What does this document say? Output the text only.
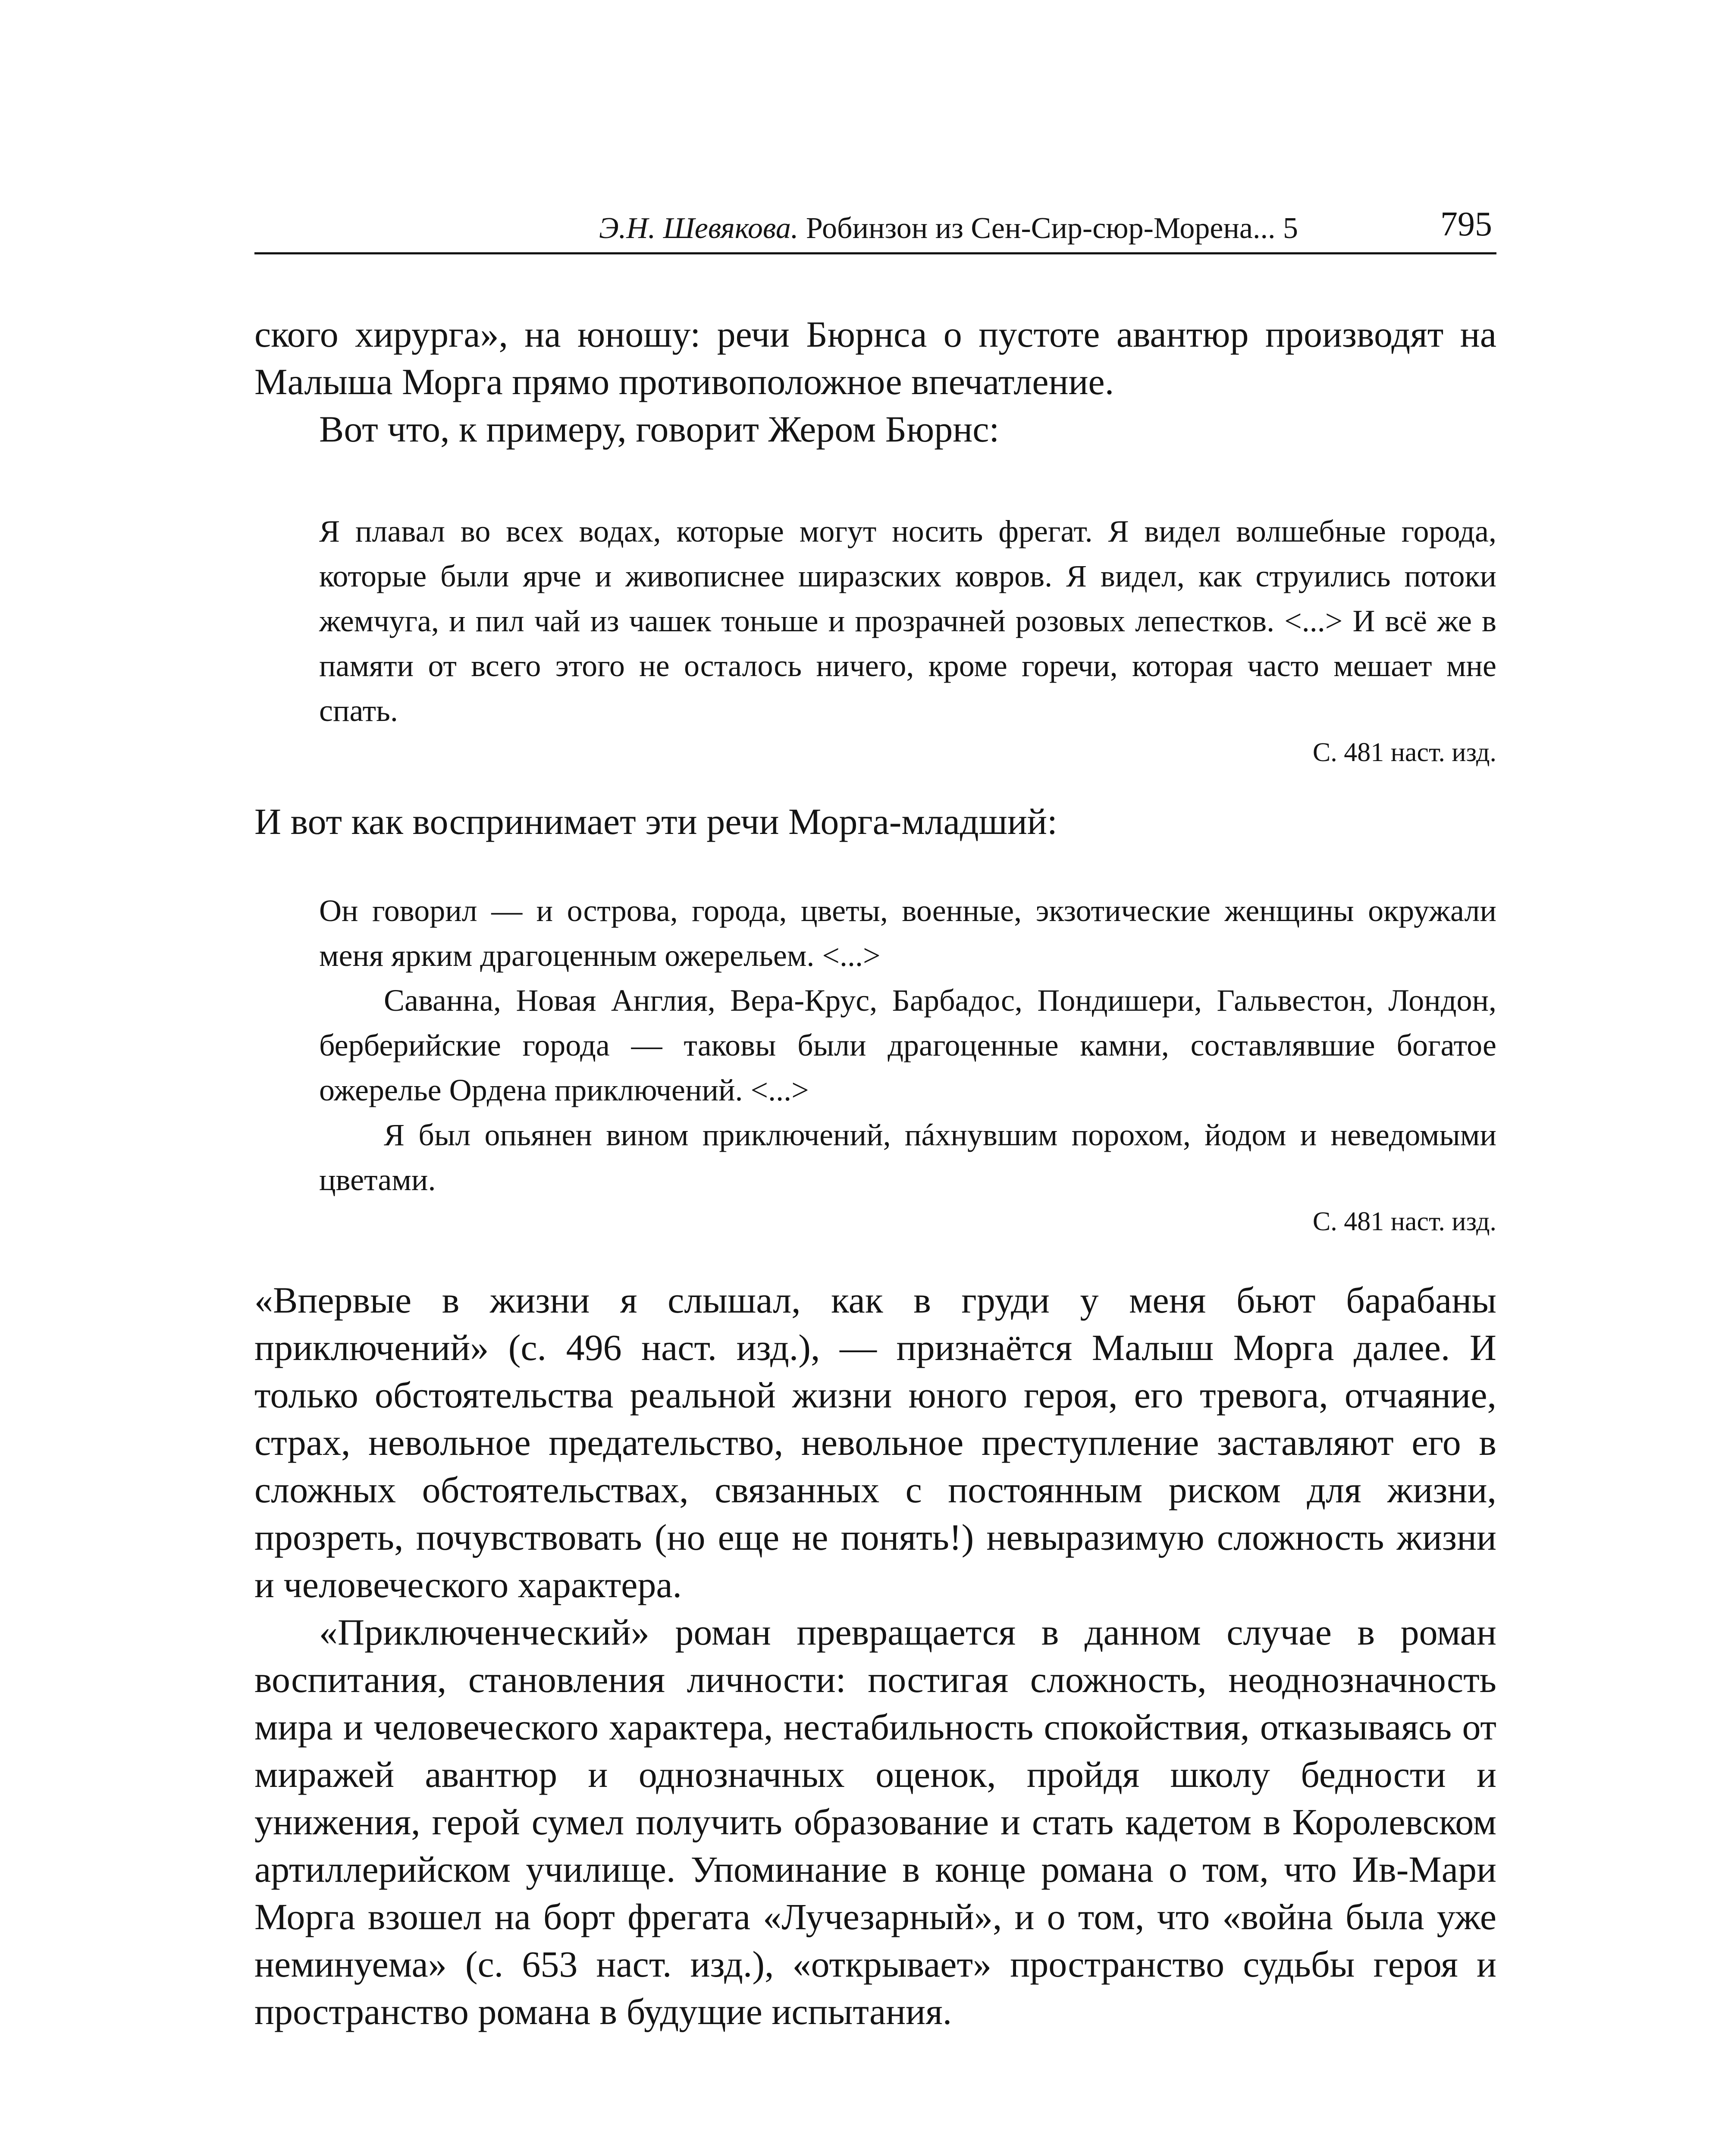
Э.Н. Шевякова. Робинзон из Сен-Сир-сюр-Морена... 5	795

ского хирурга», на юношу: речи Бюрнса о пустоте авантюр производят на Малыша Морга прямо противоположное впечатление.

Вот что, к примеру, говорит Жером Бюрнс:

Я плавал во всех водах, которые могут носить фрегат. Я видел волшебные города, которые были ярче и живописнее ширазских ковров. Я видел, как струились потоки жемчуга, и пил чай из чашек тоньше и прозрачней розовых лепестков. <...> И всё же в памяти от всего этого не осталось ничего, кроме горечи, которая часто мешает мне спать.

С. 481 наст. изд.

И вот как воспринимает эти речи Морга-младший:

Он говорил — и острова, города, цветы, военные, экзотические женщины окружали меня ярким драгоценным ожерельем. <...>

Саванна, Новая Англия, Вера-Крус, Барбадос, Пондишери, Гальвестон, Лондон, берберийские города — таковы были драгоценные камни, составлявшие богатое ожерелье Ордена приключений. <...>

Я был опьянен вином приключений, пáхнувшим порохом, йодом и неведомыми цветами.

С. 481 наст. изд.

«Впервые в жизни я слышал, как в груди у меня бьют барабаны приключений» (с. 496 наст. изд.), — признаётся Малыш Морга далее. И только обстоятельства реальной жизни юного героя, его тревога, отчаяние, страх, невольное предательство, невольное преступление заставляют его в сложных обстоятельствах, связанных с постоянным риском для жизни, прозреть, почувствовать (но еще не понять!) невыразимую сложность жизни и человеческого характера.

«Приключенческий» роман превращается в данном случае в роман воспитания, становления личности: постигая сложность, неоднозначность мира и человеческого характера, нестабильность спокойствия, отказываясь от миражей авантюр и однозначных оценок, пройдя школу бедности и унижения, герой сумел получить образование и стать кадетом в Королевском артиллерийском училище. Упоминание в конце романа о том, что Ив-Мари Морга взошел на борт фрегата «Лучезарный», и о том, что «война была уже неминуема» (с. 653 наст. изд.), «открывает» пространство судьбы героя и пространство романа в будущие испытания.
